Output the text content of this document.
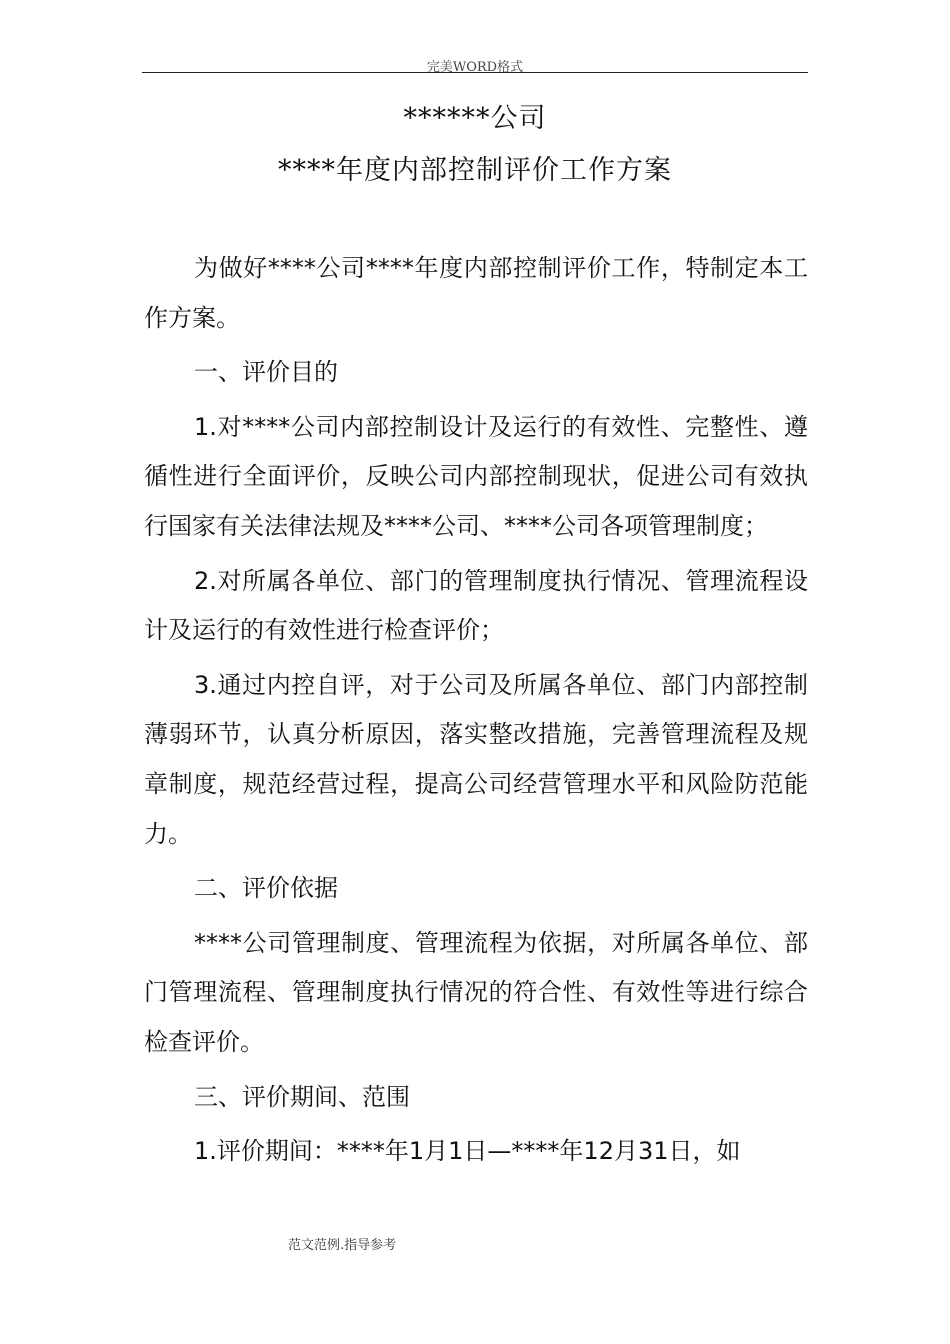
完美WORD格式
******公司
****年度内部控制评价工作方案

为做好****公司****年度内部控制评价工作，特制定本工作方案。

一、评价目的

1.对****公司内部控制设计及运行的有效性、完整性、遵循性进行全面评价，反映公司内部控制现状，促进公司有效执行国家有关法律法规及****公司、****公司各项管理制度；

2.对所属各单位、部门的管理制度执行情况、管理流程设计及运行的有效性进行检查评价；

3.通过内控自评，对于公司及所属各单位、部门内部控制薄弱环节，认真分析原因，落实整改措施，完善管理流程及规章制度，规范经营过程，提高公司经营管理水平和风险防范能力。

二、评价依据

****公司管理制度、管理流程为依据，对所属各单位、部门管理流程、管理制度执行情况的符合性、有效性等进行综合检查评价。

三、评价期间、范围

1.评价期间：****年1月1日—****年12月31日，如

范文范例.指导参考
